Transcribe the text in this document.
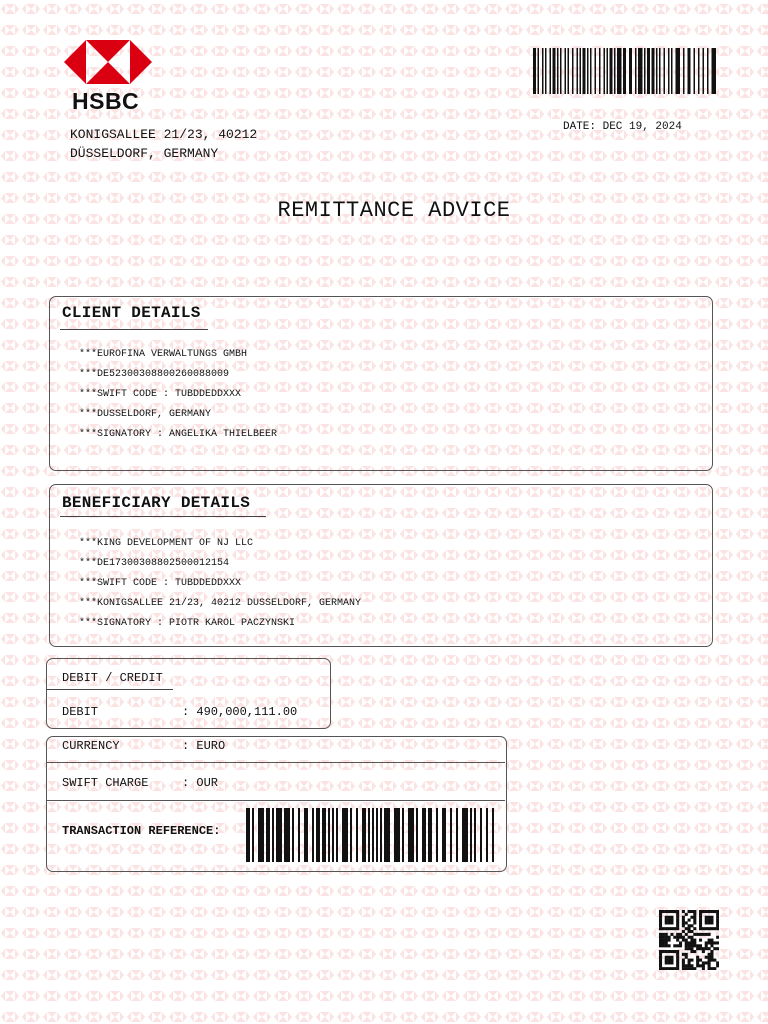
HSBC
KONIGSALLEE 21/23, 40212
DÜSSELDORF, GERMANY
DATE: DEC 19, 2024
REMITTANCE ADVICE
CLIENT DETAILS
***EUROFINA VERWALTUNGS GMBH
***DE52300308800260088009
***SWIFT CODE : TUBDDEDDXXX
***DUSSELDORF, GERMANY
***SIGNATORY : ANGELIKA THIELBEER
BENEFICIARY DETAILS
***KING DEVELOPMENT OF NJ LLC
***DE17300308802500012154
***SWIFT CODE : TUBDDEDDXXX
***KONIGSALLEE 21/23, 40212 DUSSELDORF, GERMANY
***SIGNATORY : PIOTR KAROL PACZYNSKI
DEBIT / CREDIT
DEBIT	: 490,000,111.00
CURRENCY	: EURO
SWIFT CHARGE	: OUR
TRANSACTION REFERENCE:
